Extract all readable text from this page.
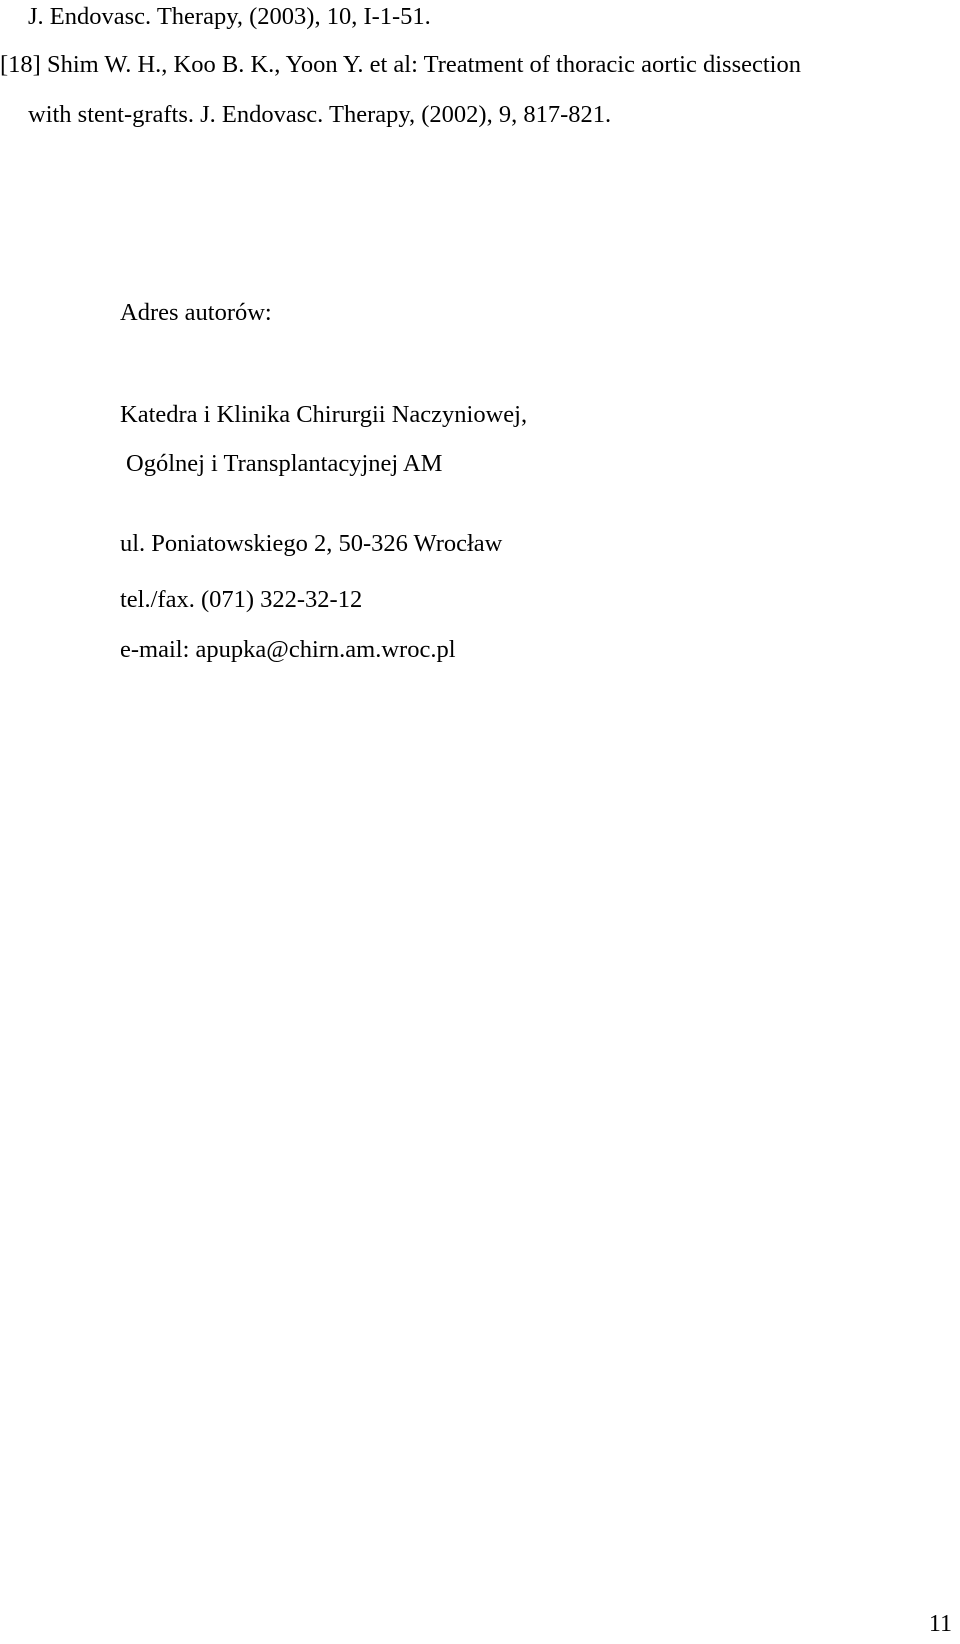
J. Endovasc. Therapy, (2003), 10, I-1-51.
[18] Shim W. H., Koo B. K., Yoon Y. et al: Treatment of thoracic aortic dissection
with stent-grafts. J. Endovasc. Therapy, (2002), 9, 817-821.
Adres autorów:
Katedra i Klinika Chirurgii Naczyniowej,
Ogólnej i Transplantacyjnej AM
ul. Poniatowskiego 2, 50-326 Wrocław
tel./fax. (071) 322-32-12
e-mail: apupka@chirn.am.wroc.pl
11
